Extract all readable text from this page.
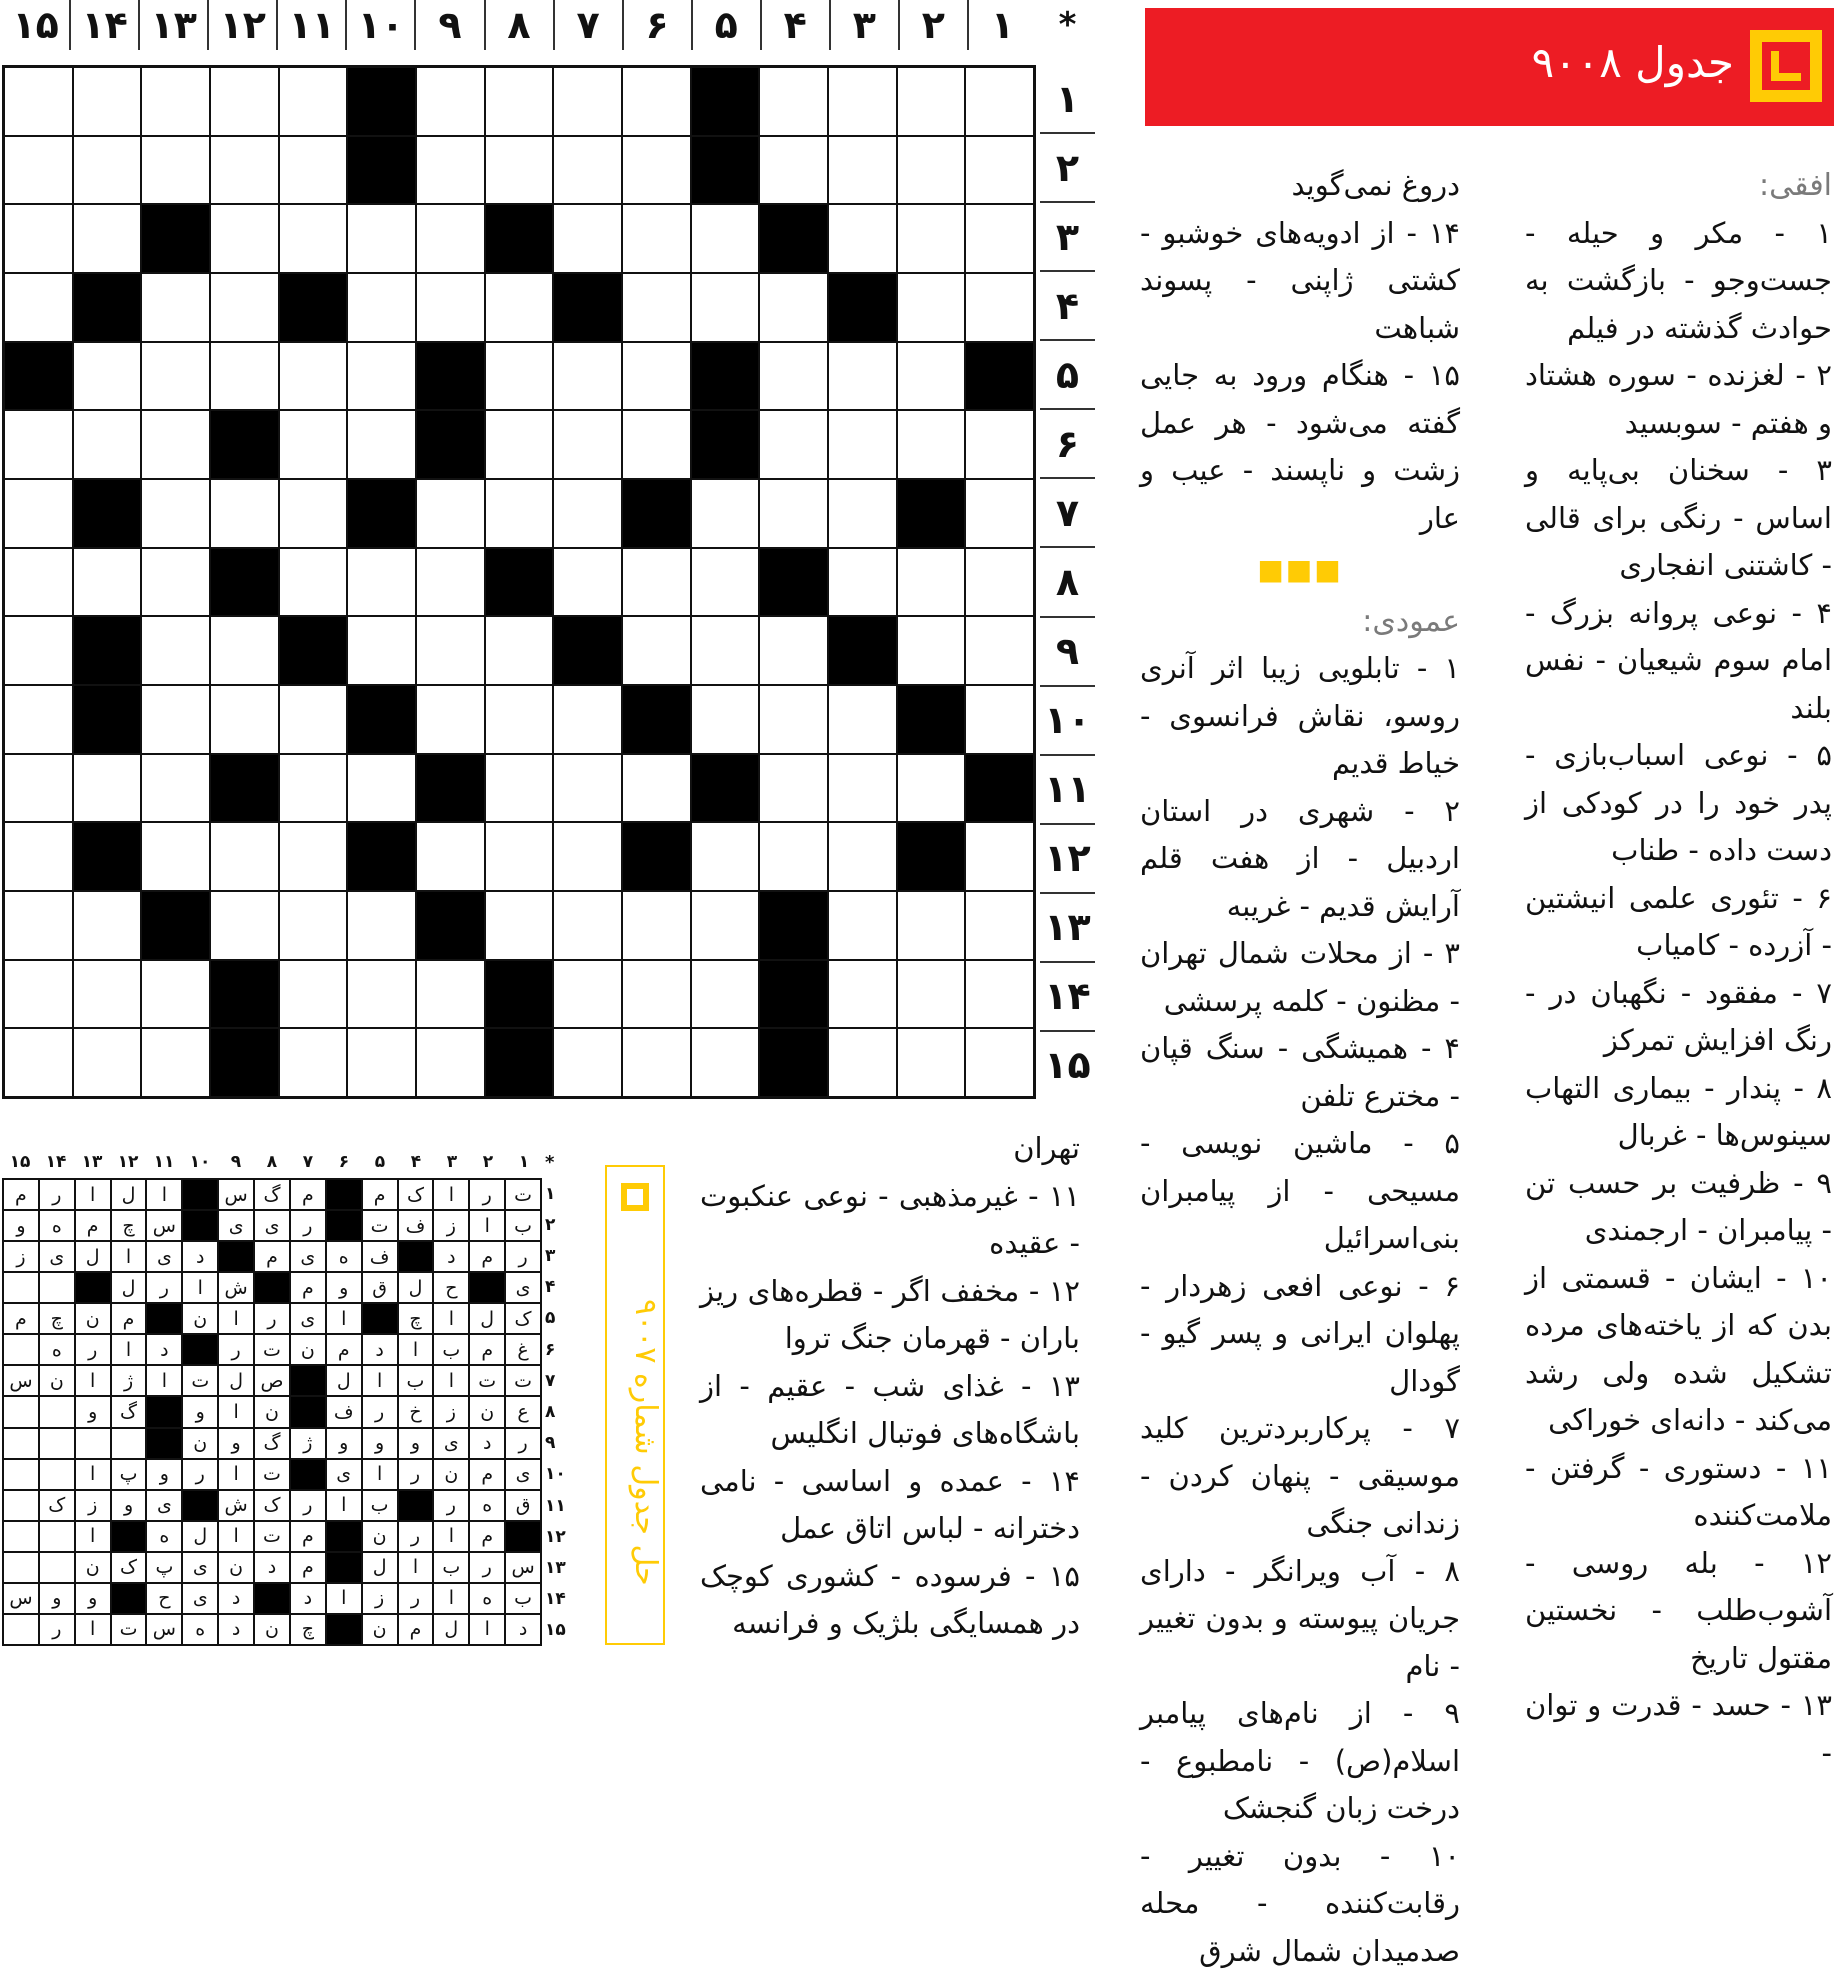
جدول ۹۰۰۸
۱
۲
۳
۴
۵
۶
۷
۸
۹
۱۰
۱۱
۱۲
۱۳
۱۴
۱۵	*
۱
۲
۳
۴
۵
۶
۷
۸
۹
۱۰
۱۱
۱۲
۱۳
۱۴
۱۵
افقی:
۱ - مکر و حیله - جست‌وجو - بازگشت به حوادث گذشته در فیلم
۲ - لغزنده - سوره هشتاد و هفتم - سوبسید
۳ - سخنان بی‌پایه و اساس - رنگی برای قالی - کاشتنی انفجاری
۴ - نوعی پروانه بزرگ - امام سوم شیعیان - نفس بلند
۵ - نوعی اسباب‌بازی - پدر خود را در کودکی از دست داده - طناب
۶ - تئوری علمی انیشتین - آزرده - کامیاب
۷ - مفقود - نگهبان در - رنگ افزایش تمرکز
۸ - پندار - بیماری التهاب سینوس‌ها - غربال
۹ - ظرفیت بر حسب تن - پیامبران - ارجمندی
۱۰ - ایشان - قسمتی از بدن که از یاخته‌های مرده تشکیل شده ولی رشد می‌کند - دانه‌ای خوراکی
۱۱ - دستوری - گرفتن - ملامت‌کننده
۱۲ - بله روسی - آشوب‌طلب - نخستین مقتول تاریخ
۱۳ - حسد - قدرت و توان -
دروغ نمی‌گوید
۱۴ - از ادویه‌های خوشبو - کشتی ژاپنی - پسوند شباهت
۱۵ - هنگام ورود به جایی گفته می‌شود - هر عمل زشت و ناپسند - عیب و عار
■■■
عمودی:
۱ - تابلویی زیبا اثر آنری روسو، نقاش فرانسوی - خیاط قدیم
۲ - شهری در استان اردبیل - از هفت قلم آرایش قدیم - غریبه
۳ - از محلات شمال تهران - مظنون - کلمه پرسشی
۴ - همیشگی - سنگ قپان - مخترع تلفن
۵ - ماشین نویسی - مسیحی - از پیامبران بنی‌اسرائیل
۶ - نوعی افعی زهردار - پهلوان ایرانی و پسر گیو - گودال
۷ - پرکاربردترین کلید موسیقی - پنهان کردن - زندانی جنگی
۸ - آب ویرانگر - دارای جریان پیوسته و بدون تغییر - نام
۹ - از نام‌های پیامبر اسلام(ص) - نامطبوع - درخت زبان گنجشک
۱۰ - بدون تغییر - رقابت‌کننده - محله صدمیدان شمال شرق
تهران
۱۱ - غیرمذهبی - نوعی عنکبوت - عقیده
۱۲ - مخفف اگر - قطره‌های ریز باران - قهرمان جنگ تروا
۱۳ - غذای شب - عقیم - از باشگاه‌های فوتبال انگلیس
۱۴ - عمده و اساسی - نامی دخترانه - لباس اتاق عمل
۱۵ - فرسوده - کشوری کوچک در همسایگی بلژیک و فرانسه
حل جدول شماره ۹۰۰۷
۱
۲
۳
۴
۵
۶
۷
۸
۹
۱۰
۱۱
۱۲
۱۳
۱۴
۱۵	*
۱
۲
۳
۴
۵
۶
۷
۸
۹
۱۰
۱۱
۱۲
۱۳
۱۴
۱۵
ت
ر
ا
ک
م
م
گ
س
ا
ل
ا
ر
م
ب
ا
ز
ف
ت
ر
ی
ی
س
چ
م
ه
و
ر
م
د
ف
ه
ی
م
د
ی
ا
ل
ی
ز
ی
ح
ل
ق
و
م
ش
ا
ر
ل
ک
ل
ا
چ
ا
ی
ر
ا
ن
م
ن
چ
م
غ
م
ب
ا
د
م
ن
ت
ر
د
ا
ر
ه
ت
ت
ا
ب
ا
ل
ص
ل
ت
ا
ژ
ا
ن
س
ع
ن
ز
خ
ر
ف
ن
ا
و
گ
و
ر
د
ی
و
و
و
ژ
گ
و
ن
ی
م
ن
ر
ا
ی
ت
ا
ر
و
پ
ا
ق
ه
ر
ب
ا
ر
ک
ش
ی
و
ز
ک
م
ا
ر
ن
م
ت
ا
ل
ه
ا
س
ر
ب
ا
ل
م
د
ن
ی
پ
ک
ن
ب
ه
ا
ر
ز
ا
د
د
ی
ح
و
و
س
د
ا
ل
م
ن
چ
ن
د
ه
س
ت
ا
ر
